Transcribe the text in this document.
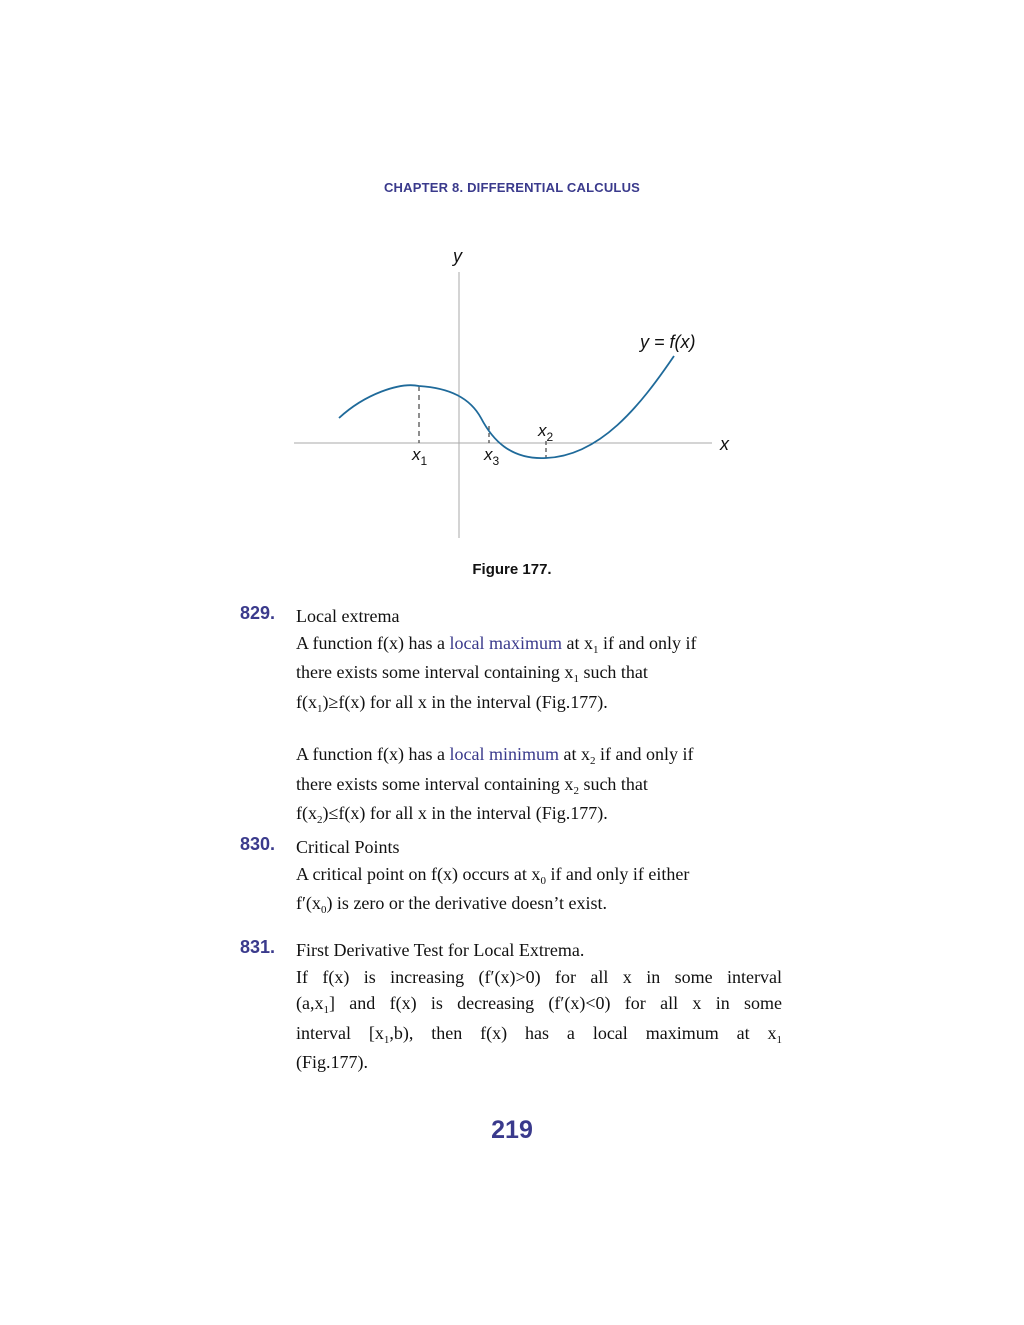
CHAPTER 8. DIFFERENTIAL CALCULUS
y
x
y = f(x)
$x_1$	$x_3$
$x_2$
Figure 177.
829. Local extrema

A function f(x) has a local maximum at $x_1$ if and only if
there exists some interval containing $x_1$ such that
$f(x_1)\ge f(x)$ for all x in the interval (Fig.177).

A function f(x) has a local minimum at $x_2$ if and only if
there exists some interval containing $x_2$ such that
$f(x_2)\le f(x)$ for all x in the interval (Fig.177).

830. Critical Points

A critical point on f(x) occurs at $x_0$ if and only if either
$f'(x_0)$ is zero or the derivative doesn’t exist.

831. First Derivative Test for Local Extrema.

If f(x) is increasing (f′(x)>0) for all x in some interval
$(a,x_1]$ and f(x) is decreasing (f′(x)<0) for all x in some
interval $[x_1,b)$, then f(x) has a local maximum at $x_1$
(Fig.177).
219
